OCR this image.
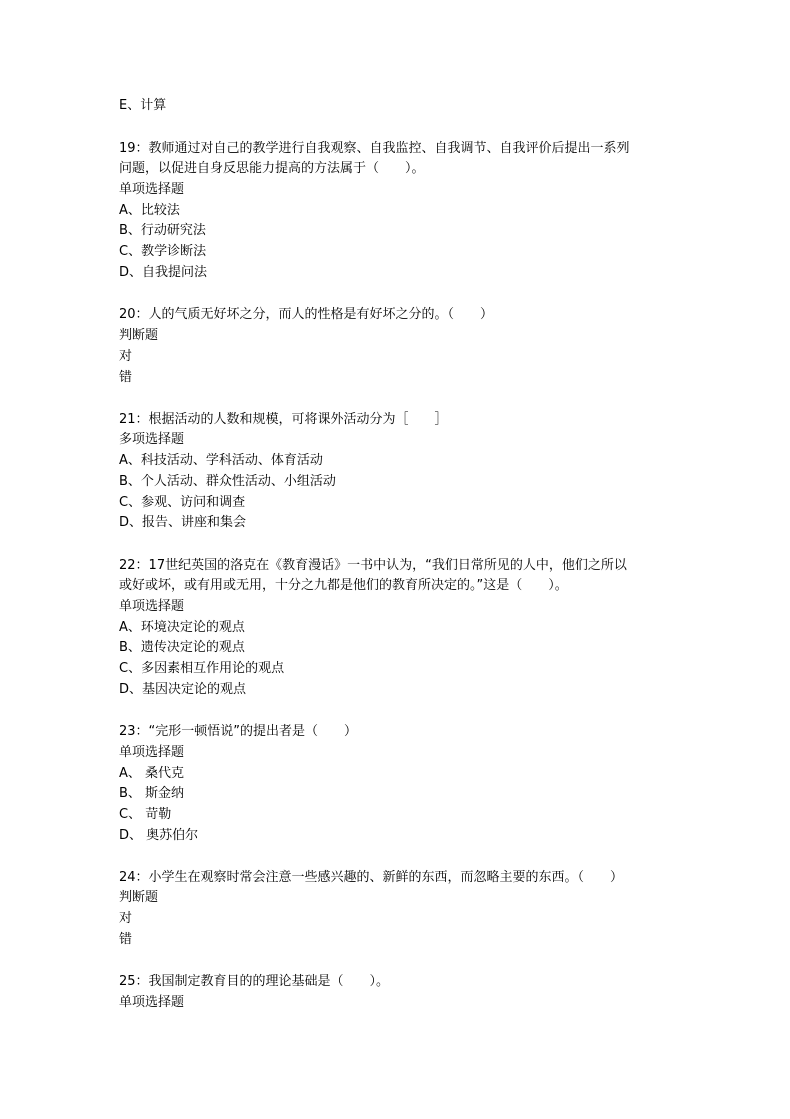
E、计算
19：教师通过对自己的教学进行自我观察、自我监控、自我调节、自我评价后提出一系列
问题，以促进自身反思能力提高的方法属于（　　）。
单项选择题
A、比较法
B、行动研究法
C、教学诊断法
D、自我提问法
20：人的气质无好坏之分，而人的性格是有好坏之分的。（　　）
判断题
对
错
21：根据活动的人数和规模，可将课外活动分为［　　］
多项选择题
A、科技活动、学科活动、体育活动
B、个人活动、群众性活动、小组活动
C、参观、访问和调查
D、报告、讲座和集会
22：17世纪英国的洛克在《教育漫话》一书中认为，“我们日常所见的人中，他们之所以
或好或坏，或有用或无用，十分之九都是他们的教育所决定的。”这是（　　）。
单项选择题
A、环境决定论的观点
B、遗传决定论的观点
C、多因素相互作用论的观点
D、基因决定论的观点
23：“完形一顿悟说”的提出者是（　　）
单项选择题
A、 桑代克
B、 斯金纳
C、 苛勒
D、 奥苏伯尔
24：小学生在观察时常会注意一些感兴趣的、新鲜的东西，而忽略主要的东西。（　　）
判断题
对
错
25：我国制定教育目的的理论基础是（　　）。
单项选择题
